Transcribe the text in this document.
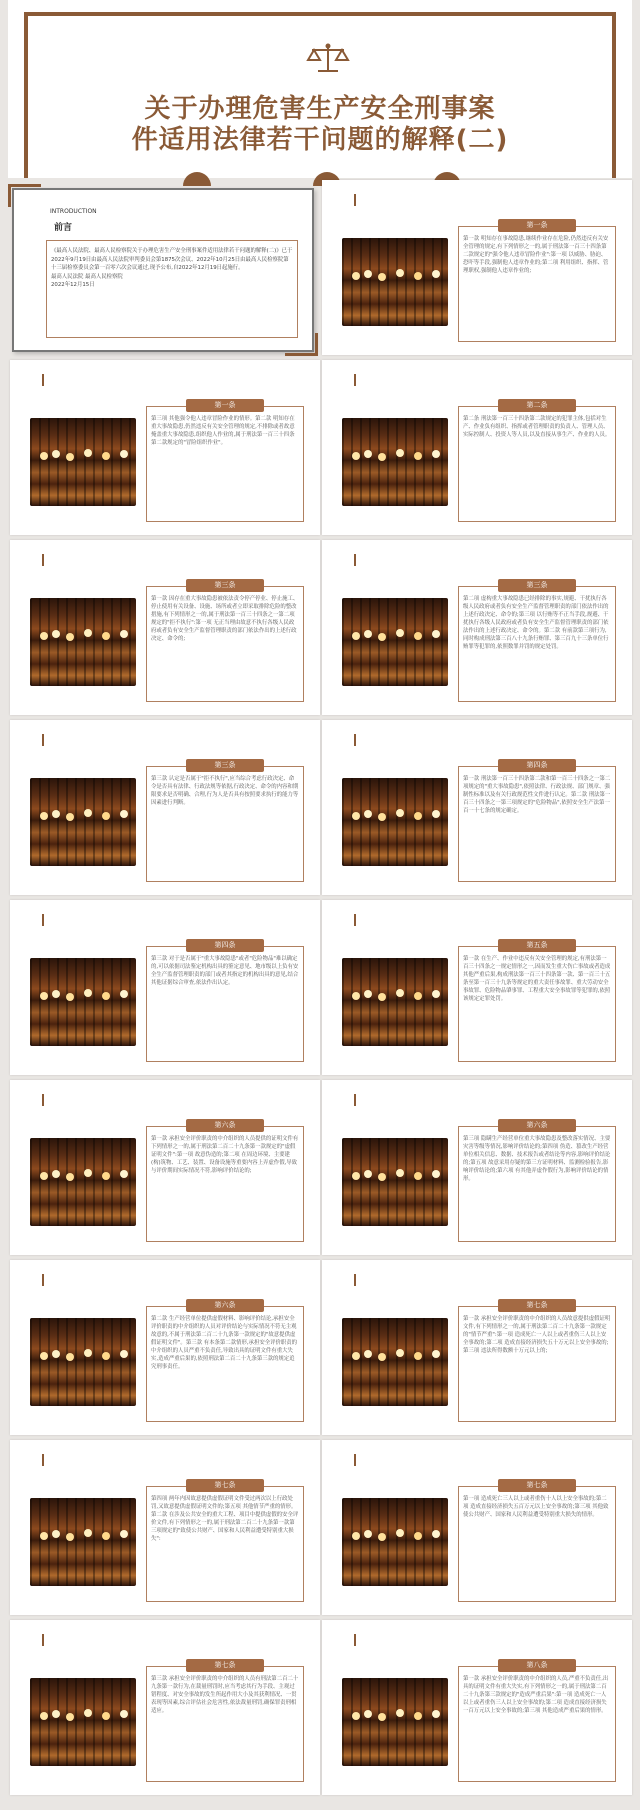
关于办理危害生产安全刑事案
件适用法律若干问题的解释(二)
INTRODUCTION
前言
《最高人民法院、最高人民检察院关于办理危害生产安全刑事案件适用法律若干问题的解释(二)》已于2022年9月19日由最高人民法院审判委员会第1875次会议、2022年10月25日由最高人民检察院第十三届检察委员会第一百零六次会议通过,现予公布,自2022年12月19日起施行。
最高人民法院 最高人民检察院
2022年12月15日
第一条
第一款 明知存在事故隐患,继续作业存在危险,仍然违反有关安全管理的规定,有下列情形之一的,属于刑法第一百三十四条第二款规定的"强令他人违章冒险作业":第一项 以威胁、胁迫、恐吓等手段,强制他人违章作业的;第二项 利用组织、指挥、管理职权,强制他人违章作业的;
第一条
第三项 其他强令他人违章冒险作业的情形。第二款 明知存在重大事故隐患,仍然违反有关安全管理的规定,不排除或者故意掩盖重大事故隐患,组织他人作业的,属于刑法第一百三十四条第二款规定的"冒险组织作业"。
第二条
第二条 刑法第一百三十四条第二款规定的犯罪主体,包括对生产、作业负有组织、指挥或者管理职责的负责人、管理人员、实际控制人、投资人等人员,以及直接从事生产、作业的人员。
第三条
第一款 因存在重大事故隐患被依法责令停产停业、停止施工、停止使用有关设备、设施、场所或者立即采取排除危险的整改措施,有下列情形之一的,属于刑法第一百三十四条之一第二项规定的"拒不执行":第一项 无正当理由故意不执行各级人民政府或者负有安全生产监督管理职责的部门依法作出的上述行政决定、命令的;
第三条
第二项 虚构重大事故隐患已经排除的事实,规避、干扰执行各级人民政府或者负有安全生产监督管理职责的部门依法作出的上述行政决定、命令的;第三项 以行贿等不正当手段,规避、干扰执行各级人民政府或者负有安全生产监督管理职责的部门依法作出的上述行政决定、命令的。第二款 有前款第三项行为,同时构成刑法第三百八十九条行贿罪、第三百九十三条单位行贿罪等犯罪的,依照数罪并罚的规定处罚。
第三条
第三款 认定是否属于"拒不执行",应当综合考虑行政决定、命令是否具有法律、行政法规等依据,行政决定、命令的内容和期限要求是否明确、合理,行为人是否具有按照要求执行的能力等因素进行判断。
第四条
第一款 刑法第一百三十四条第二款和第一百三十四条之一第二项规定的"重大事故隐患",依照法律、行政法规、部门规章、强制性标准以及有关行政规范性文件进行认定。第二款 刑法第一百三十四条之一第三项规定的"危险物品",依照安全生产法第一百一十七条的规定确定。
第四条
第三款 对于是否属于"重大事故隐患"或者"危险物品"难以确定的,可以依据司法鉴定机构出具的鉴定意见、地市级以上负有安全生产监督管理职责的部门或者其指定的机构出具的意见,结合其他证据综合审查,依法作出认定。
第五条
第一款 在生产、作业中违反有关安全管理的规定,有刑法第一百三十四条之一规定情形之一,因而发生重大伤亡事故或者造成其他严重后果,构成刑法第一百三十四条第一款、第一百三十五条至第一百三十九条等规定的重大责任事故罪、重大劳动安全事故罪、危险物品肇事罪、工程重大安全事故罪等犯罪的,依照该规定定罪处罚。
第六条
第一款 承担安全评价职责的中介组织的人员提供的证明文件有下列情形之一的,属于刑法第二百二十九条第一款规定的"虚假证明文件":第一项 故意伪造的;第二项 在周边环境、主要建(构)筑物、工艺、装置、设备设施等重要内容上弄虚作假,导致与评价期间实际情况不符,影响评价结论的;
第六条
第三项 隐瞒生产经营单位重大事故隐患及整改落实情况、主要灾害等级等情况,影响评价结论的;第四项 伪造、篡改生产经营单位相关信息、数据、技术报告或者结论等内容,影响评价结论的;第五项 故意采用存疑的第三方证明材料、监测检验报告,影响评价结论的;第六项 有其他弄虚作假行为,影响评价结论的情形。
第六条
第二款 生产经营单位提供虚假材料、影响评价结论,承担安全评价职责的中介组织的人员对评价结论与实际情况不符无主观故意的,不属于刑法第二百二十九条第一款规定的"故意提供虚假证明文件"。第三款 有本条第二款情形,承担安全评价职责的中介组织的人员严重不负责任,导致出具的证明文件有重大失实,造成严重后果的,依照刑法第二百二十九条第三款的规定追究刑事责任。
第七条
第一款 承担安全评价职责的中介组织的人员故意提供虚假证明文件,有下列情形之一的,属于刑法第二百二十九条第一款规定的"情节严重":第一项 造成死亡一人以上或者重伤三人以上安全事故的;第二项 造成直接经济损失五十万元以上安全事故的;第三项 违法所得数额十万元以上的;
第七条
第四项 两年内因故意提供虚假证明文件受过两次以上行政处罚,又故意提供虚假证明文件的;第五项 其他情节严重的情形。第二款 在涉及公共安全的重大工程、项目中提供虚假的安全评价文件,有下列情形之一的,属于刑法第二百二十九条第一款第三项规定的"致使公共财产、国家和人民利益遭受特别重大损失":
第七条
第一项 造成死亡三人以上或者重伤十人以上安全事故的;第二项 造成直接经济损失五百万元以上安全事故的;第三项 其他致使公共财产、国家和人民利益遭受特别重大损失的情形。
第七条
第三款 承担安全评价职责的中介组织的人员有刑法第二百二十九条第一款行为,在裁量刑罚时,应当考虑其行为手段、主观过错程度、对安全事故的发生所起作用大小及其获利情况、一贯表现等因素,综合评估社会危害性,依法裁量刑罚,确保罪责刑相适应。
第八条
第一款 承担安全评价职责的中介组织的人员,严重不负责任,出具的证明文件有重大失实,有下列情形之一的,属于刑法第二百二十九条第三款规定的"造成严重后果":第一项 造成死亡一人以上或者重伤三人以上安全事故的;第二项 造成直接经济损失一百万元以上安全事故的;第三项 其他造成严重后果的情形。
